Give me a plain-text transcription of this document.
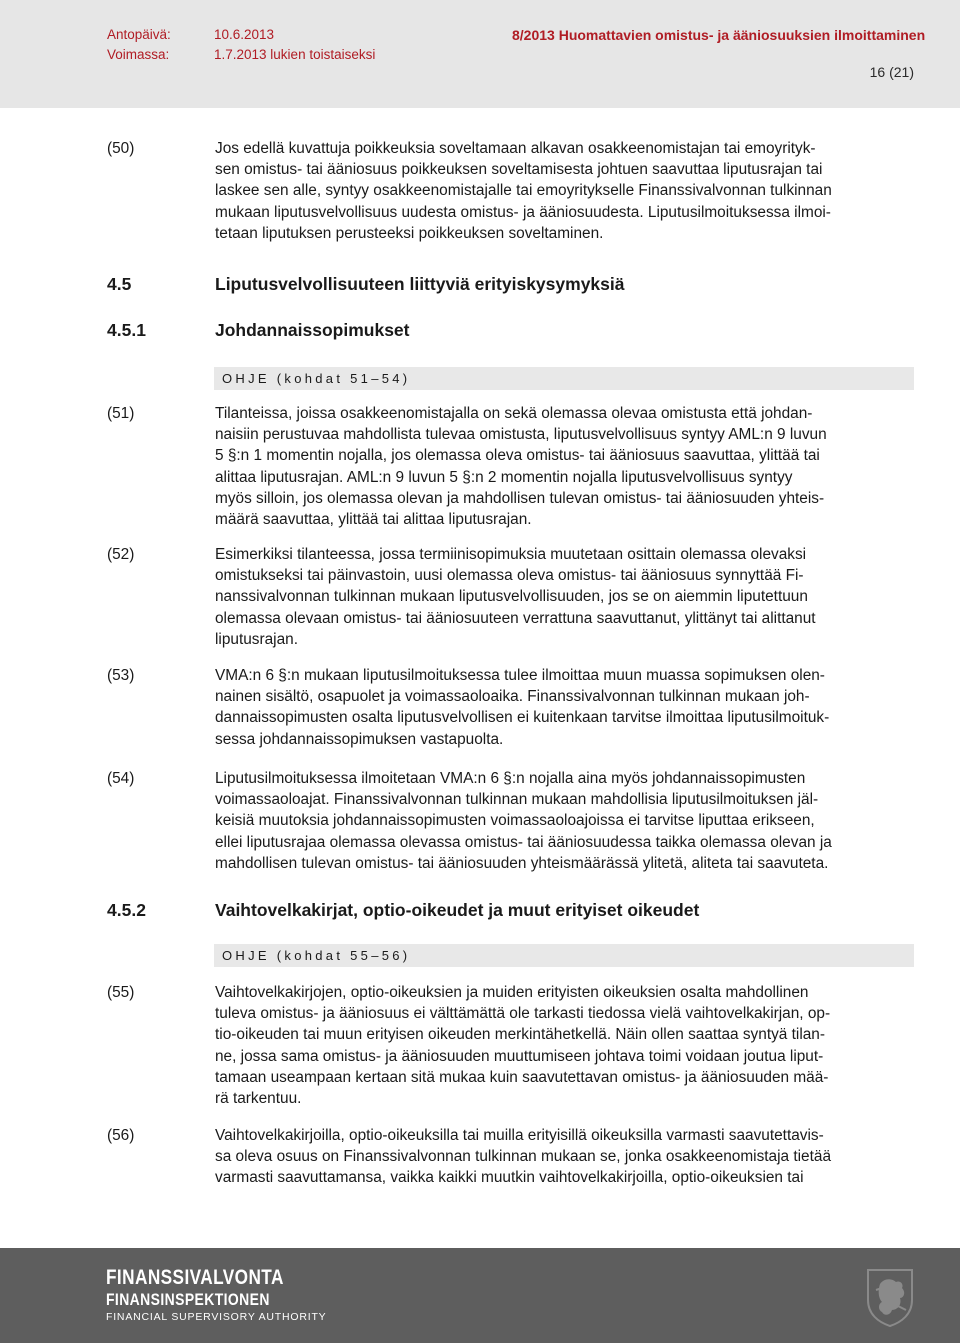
Antopäivä:	10.6.2013
Voimassa:	1.7.2013 lukien toistaiseksi
8/2013 Huomattavien omistus- ja ääniosuuksien ilmoittaminen
16 (21)
(50)	Jos edellä kuvattuja poikkeuksia soveltamaan alkavan osakkeenomistajan tai emoyrityk-
sen omistus- tai ääniosuus poikkeuksen soveltamisesta johtuen saavuttaa liputusrajan tai
laskee sen alle, syntyy osakkeenomistajalle tai emoyritykselle Finanssivalvonnan tulkinnan
mukaan liputusvelvollisuus uudesta omistus- ja ääniosuudesta. Liputusilmoituksessa ilmoi-
tetaan liputuksen perusteeksi poikkeuksen soveltaminen.
4.5	Liputusvelvollisuuteen liittyviä erityiskysymyksiä
4.5.1	Johdannaissopimukset
OHJE (kohdat 51–54)
(51)	Tilanteissa, joissa osakkeenomistajalla on sekä olemassa olevaa omistusta että johdan-
naisiin perustuvaa mahdollista tulevaa omistusta, liputusvelvollisuus syntyy AML:n 9 luvun
5 §:n 1 momentin nojalla, jos olemassa oleva omistus- tai ääniosuus saavuttaa, ylittää tai
alittaa liputusrajan. AML:n 9 luvun 5 §:n 2 momentin nojalla liputusvelvollisuus syntyy
myös silloin, jos olemassa olevan ja mahdollisen tulevan omistus- tai ääniosuuden yhteis-
määrä saavuttaa, ylittää tai alittaa liputusrajan.
(52)	Esimerkiksi tilanteessa, jossa termiinisopimuksia muutetaan osittain olemassa olevaksi
omistukseksi tai päinvastoin, uusi olemassa oleva omistus- tai ääniosuus synnyttää Fi-
nanssivalvonnan tulkinnan mukaan liputusvelvollisuuden, jos se on aiemmin liputettuun
olemassa olevaan omistus- tai ääniosuuteen verrattuna saavuttanut, ylittänyt tai alittanut
liputusrajan.
(53)	VMA:n 6 §:n mukaan liputusilmoituksessa tulee ilmoittaa muun muassa sopimuksen olen-
nainen sisältö, osapuolet ja voimassaoloaika. Finanssivalvonnan tulkinnan mukaan joh-
dannaissopimusten osalta liputusvelvollisen ei kuitenkaan tarvitse ilmoittaa liputusilmoituk-
sessa johdannaissopimuksen vastapuolta.
(54)	Liputusilmoituksessa ilmoitetaan VMA:n 6 §:n nojalla aina myös johdannaissopimusten
voimassaoloajat. Finanssivalvonnan tulkinnan mukaan mahdollisia liputusilmoituksen jäl-
keisiä muutoksia johdannaissopimusten voimassaoloajoissa ei tarvitse liputtaa erikseen,
ellei liputusrajaa olemassa olevassa omistus- tai ääniosuudessa taikka olemassa olevan ja
mahdollisen tulevan omistus- tai ääniosuuden yhteismäärässä ylitetä, aliteta tai saavuteta.
4.5.2	Vaihtovelkakirjat, optio-oikeudet ja muut erityiset oikeudet
OHJE (kohdat 55–56)
(55)	Vaihtovelkakirjojen, optio-oikeuksien ja muiden erityisten oikeuksien osalta mahdollinen
tuleva omistus- ja ääniosuus ei välttämättä ole tarkasti tiedossa vielä vaihtovelkakirjan, op-
tio-oikeuden tai muun erityisen oikeuden merkintähetkellä. Näin ollen saattaa syntyä tilan-
ne, jossa sama omistus- ja ääniosuuden muuttumiseen johtava toimi voidaan joutua liput-
tamaan useampaan kertaan sitä mukaa kuin saavutettavan omistus- ja ääniosuuden mää-
rä tarkentuu.
(56)	Vaihtovelkakirjoilla, optio-oikeuksilla tai muilla erityisillä oikeuksilla varmasti saavutettavis-
sa oleva osuus on Finanssivalvonnan tulkinnan mukaan se, jonka osakkeenomistaja tietää
varmasti saavuttamansa, vaikka kaikki muutkin vaihtovelkakirjoilla, optio-oikeuksien tai
FINANSSIVALVONTA
FINANSINSPEKTIONEN
FINANCIAL SUPERVISORY AUTHORITY
